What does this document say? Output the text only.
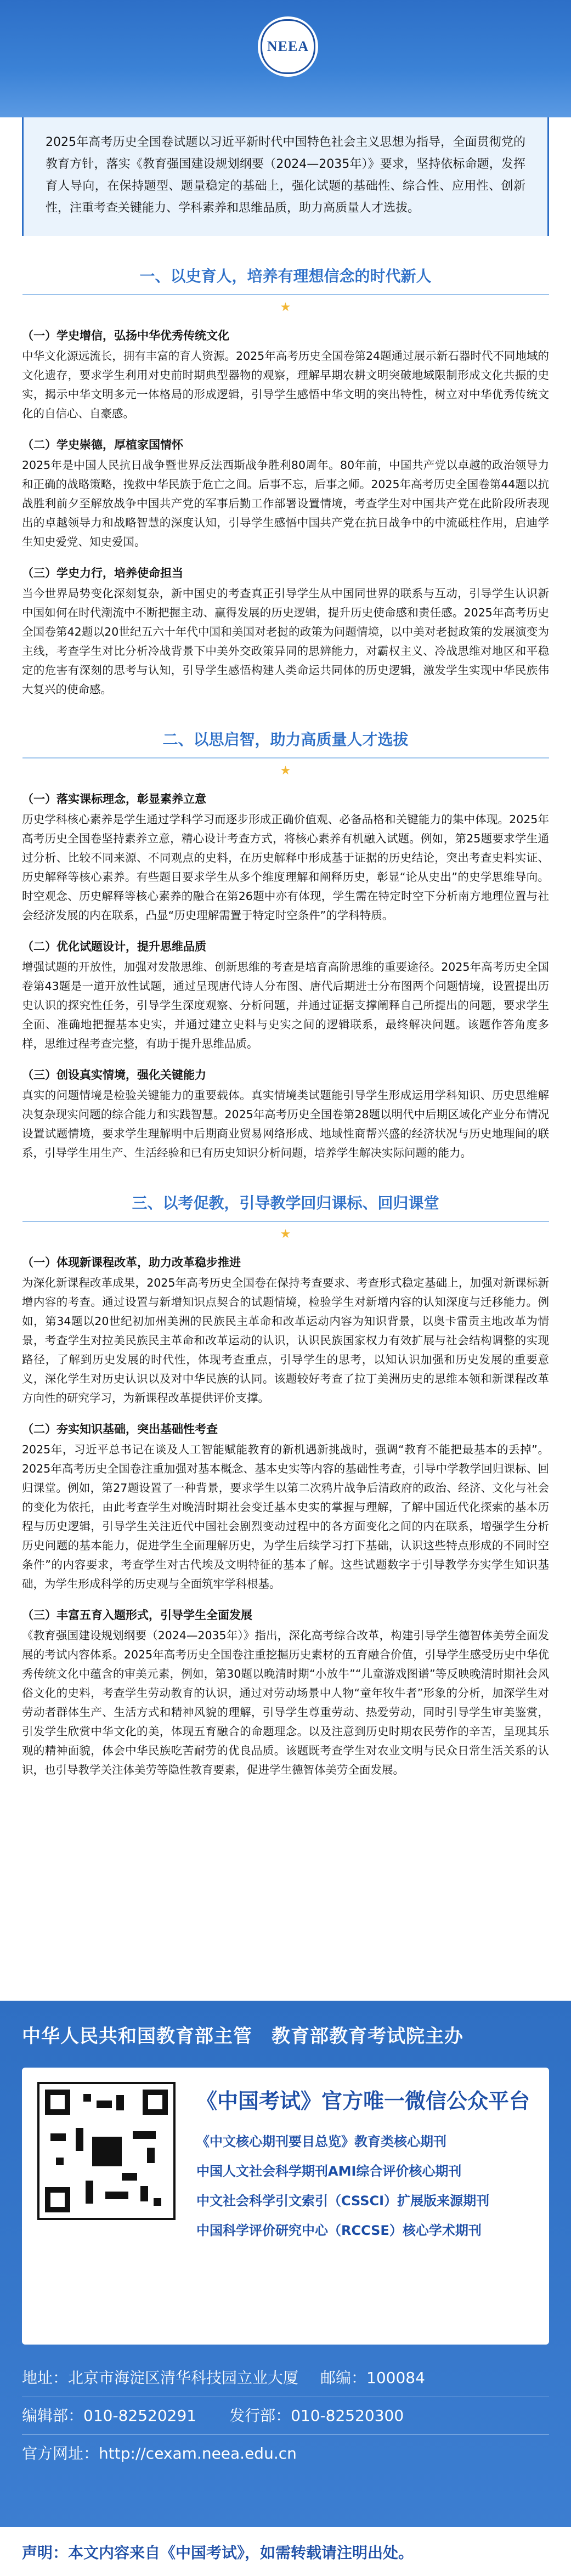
NEEA
2025年高考历史全国卷试题以习近平新时代中国特色社会主义思想为指导，全面贯彻党的教育方针，落实《教育强国建设规划纲要（2024—2035年）》要求，坚持依标命题，发挥育人导向，在保持题型、题量稳定的基础上，强化试题的基础性、综合性、应用性、创新性，注重考查关键能力、学科素养和思维品质，助力高质量人才选拔。
一、以史育人，培养有理想信念的时代新人
★
（一）学史增信，弘扬中华优秀传统文化

中华文化源远流长，拥有丰富的育人资源。2025年高考历史全国卷第24题通过展示新石器时代不同地域的文化遗存，要求学生利用对史前时期典型器物的观察，理解早期农耕文明突破地域限制形成文化共振的史实，揭示中华文明多元一体格局的形成逻辑，引导学生感悟中华文明的突出特性，树立对中华优秀传统文化的自信心、自豪感。

（二）学史崇德，厚植家国情怀

2025年是中国人民抗日战争暨世界反法西斯战争胜利80周年。80年前，中国共产党以卓越的政治领导力和正确的战略策略，挽救中华民族于危亡之间。后事不忘，后事之师。2025年高考历史全国卷第44题以抗战胜利前夕至解放战争中国共产党的军事后勤工作部署设置情境，考查学生对中国共产党在此阶段所表现出的卓越领导力和战略智慧的深度认知，引导学生感悟中国共产党在抗日战争中的中流砥柱作用，启迪学生知史爱党、知史爱国。

（三）学史力行，培养使命担当

当今世界局势变化深刻复杂，新中国史的考查真正引导学生从中国同世界的联系与互动，引导学生认识新中国如何在时代潮流中不断把握主动、赢得发展的历史逻辑，提升历史使命感和责任感。2025年高考历史全国卷第42题以20世纪五六十年代中国和美国对老挝的政策为问题情境，以中美对老挝政策的发展演变为主线，考查学生对比分析冷战背景下中美外交政策异同的思辨能力，对霸权主义、冷战思维对地区和平稳定的危害有深刻的思考与认知，引导学生感悟构建人类命运共同体的历史逻辑，激发学生实现中华民族伟大复兴的使命感。

二、以思启智，助力高质量人才选拔
★
（一）落实课标理念，彰显素养立意

历史学科核心素养是学生通过学科学习而逐步形成正确价值观、必备品格和关键能力的集中体现。2025年高考历史全国卷坚持素养立意，精心设计考查方式，将核心素养有机融入试题。例如，第25题要求学生通过分析、比较不同来源、不同观点的史料，在历史解释中形成基于证据的历史结论，突出考查史料实证、历史解释等核心素养。有些题目要求学生从多个维度理解和阐释历史，彰显“论从史出”的史学思维导向。时空观念、历史解释等核心素养的融合在第26题中亦有体现，学生需在特定时空下分析南方地理位置与社会经济发展的内在联系，凸显“历史理解需置于特定时空条件”的学科特质。

（二）优化试题设计，提升思维品质

增强试题的开放性，加强对发散思维、创新思维的考查是培育高阶思维的重要途径。2025年高考历史全国卷第43题是一道开放性试题，通过呈现唐代诗人分布图、唐代后期进士分布图两个问题情境，设置提出历史认识的探究性任务，引导学生深度观察、分析问题，并通过证据支撑阐释自己所提出的问题，要求学生全面、准确地把握基本史实，并通过建立史料与史实之间的逻辑联系，最终解决问题。该题作答角度多样，思维过程考查完整，有助于提升思维品质。

（三）创设真实情境，强化关键能力

真实的问题情境是检验关键能力的重要载体。真实情境类试题能引导学生形成运用学科知识、历史思维解决复杂现实问题的综合能力和实践智慧。2025年高考历史全国卷第28题以明代中后期区域化产业分布情况设置试题情境，要求学生理解明中后期商业贸易网络形成、地域性商帮兴盛的经济状况与历史地理间的联系，引导学生用生产、生活经验和已有历史知识分析问题，培养学生解决实际问题的能力。

三、以考促教，引导教学回归课标、回归课堂
★
（一）体现新课程改革，助力改革稳步推进

为深化新课程改革成果，2025年高考历史全国卷在保持考查要求、考查形式稳定基础上，加强对新课标新增内容的考查。通过设置与新增知识点契合的试题情境，检验学生对新增内容的认知深度与迁移能力。例如，第34题以20世纪初加州美洲的民族民主革命和改革运动内容为知识背景，以奥卡雷贡主地改革为情景，考查学生对拉美民族民主革命和改革运动的认识，认识民族国家权力有效扩展与社会结构调整的实现路径，了解到历史发展的时代性，体现考查重点，引导学生的思考，以知认识加强和历史发展的重要意义，深化学生对历史认识以及对中华民族的认同。该题较好考查了拉丁美洲历史的思维本领和新课程改革方向性的研究学习，为新课程改革提供评价支撑。

（二）夯实知识基础，突出基础性考查

2025年，习近平总书记在谈及人工智能赋能教育的新机遇新挑战时，强调“教育不能把最基本的丢掉”。2025年高考历史全国卷注重加强对基本概念、基本史实等内容的基础性考查，引导中学教学回归课标、回归课堂。例如，第27题设置了一种背景，要求学生以第二次鸦片战争后清政府的政治、经济、文化与社会的变化为依托，由此考查学生对晚清时期社会变迁基本史实的掌握与理解，了解中国近代化探索的基本历程与历史逻辑，引导学生关注近代中国社会剧烈变动过程中的各方面变化之间的内在联系，增强学生分析历史问题的基本能力，促进学生全面理解历史，为学生后续学习打下基础，认识这些特点形成的不同时空条件”的内容要求，考查学生对古代埃及文明特征的基本了解。这些试题数字于引导教学夯实学生知识基础，为学生形成科学的历史观与全面筑牢学科根基。

（三）丰富五育入题形式，引导学生全面发展

《教育强国建设规划纲要（2024—2035年）》指出，深化高考综合改革，构建引导学生德智体美劳全面发展的考试内容体系。2025年高考历史全国卷注重挖掘历史素材的五育融合价值，引导学生感受历史中华优秀传统文化中蕴含的审美元素，例如，第30题以晚清时期“小放牛”“儿童游戏图谱”等反映晚清时期社会风俗文化的史料，考查学生劳动教育的认识，通过对劳动场景中人物“童年牧牛者”形象的分析，加深学生对劳动者群体生产、生活方式和精神风貌的理解，引导学生尊重劳动、热爱劳动，同时引导学生审美鉴赏，引发学生欣赏中华文化的美，体现五育融合的命题理念。以及注意到历史时期农民劳作的辛苦，呈现其乐观的精神面貌，体会中华民族吃苦耐劳的优良品质。该题既考查学生对农业文明与民众日常生活关系的认识，也引导教学关注体美劳等隐性教育要素，促进学生德智体美劳全面发展。

中华人民共和国教育部主管　教育部教育考试院主办
《中国考试》官方唯一微信公众平台
《中文核心期刊要目总览》教育类核心期刊
中国人文社会科学期刊AMI综合评价核心期刊
中文社会科学引文索引（CSSCI）扩展版来源期刊
中国科学评价研究中心（RCCSE）核心学术期刊
地址： 北京市海淀区清华科技园立业大厦 邮编： 100084
编辑部： 010-82520291 发行部： 010-82520300
官方网址： http://cexam.neea.edu.cn
声明：本文内容来自《中国考试》，如需转载请注明出处。
